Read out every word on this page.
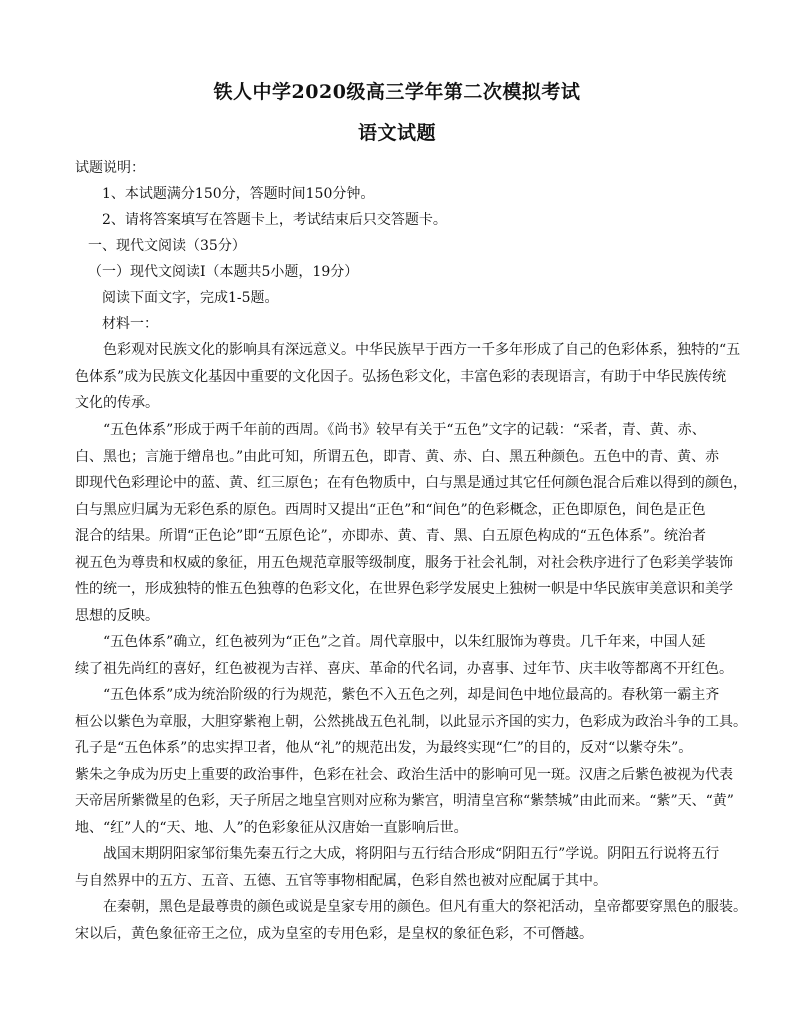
铁人中学2020级高三学年第二次模拟考试
语文试题
试题说明：
1、本试题满分150分，答题时间150分钟。
2、请将答案填写在答题卡上，考试结束后只交答题卡。
一、现代文阅读（35分）
（一）现代文阅读I（本题共5小题，19分）
阅读下面文字，完成1-5题。
材料一：
色彩观对民族文化的影响具有深远意义。中华民族早于西方一千多年形成了自己的色彩体系，独特的“五
色体系”成为民族文化基因中重要的文化因子。弘扬色彩文化，丰富色彩的表现语言，有助于中华民族传统
文化的传承。
“五色体系”形成于两千年前的西周。《尚书》较早有关于“五色”文字的记载：“采者，青、黄、赤、
白、黑也；言施于缯帛也。”由此可知，所谓五色，即青、黄、赤、白、黑五种颜色。五色中的青、黄、赤
即现代色彩理论中的蓝、黄、红三原色；在有色物质中，白与黑是通过其它任何颜色混合后难以得到的颜色，
白与黑应归属为无彩色系的原色。西周时又提出“正色”和“间色”的色彩概念，正色即原色，间色是正色
混合的结果。所谓“正色论”即“五原色论”，亦即赤、黄、青、黑、白五原色构成的“五色体系”。统治者
视五色为尊贵和权威的象征，用五色规范章服等级制度，服务于社会礼制，对社会秩序进行了色彩美学装饰
性的统一，形成独特的惟五色独尊的色彩文化，在世界色彩学发展史上独树一帜是中华民族审美意识和美学
思想的反映。
“五色体系”确立，红色被列为“正色”之首。周代章服中，以朱红服饰为尊贵。几千年来，中国人延
续了祖先尚红的喜好，红色被视为吉祥、喜庆、革命的代名词，办喜事、过年节、庆丰收等都离不开红色。
“五色体系”成为统治阶级的行为规范，紫色不入五色之列，却是间色中地位最高的。春秋第一霸主齐
桓公以紫色为章服，大胆穿紫袍上朝，公然挑战五色礼制，以此显示齐国的实力，色彩成为政治斗争的工具。
孔子是“五色体系”的忠实捍卫者，他从“礼”的规范出发，为最终实现“仁”的目的，反对“以紫夺朱”。
紫朱之争成为历史上重要的政治事件，色彩在社会、政治生活中的影响可见一斑。汉唐之后紫色被视为代表
天帝居所紫微星的色彩，天子所居之地皇宫则对应称为紫宫，明清皇宫称“紫禁城”由此而来。“紫”天、“黄”
地、“红”人的“天、地、人”的色彩象征从汉唐始一直影响后世。
战国末期阴阳家邹衍集先秦五行之大成，将阴阳与五行结合形成“阴阳五行”学说。阴阳五行说将五行
与自然界中的五方、五音、五德、五官等事物相配属，色彩自然也被对应配属于其中。
在秦朝，黑色是最尊贵的颜色或说是皇家专用的颜色。但凡有重大的祭祀活动，皇帝都要穿黑色的服装。
宋以后，黄色象征帝王之位，成为皇室的专用色彩，是皇权的象征色彩，不可僭越。
